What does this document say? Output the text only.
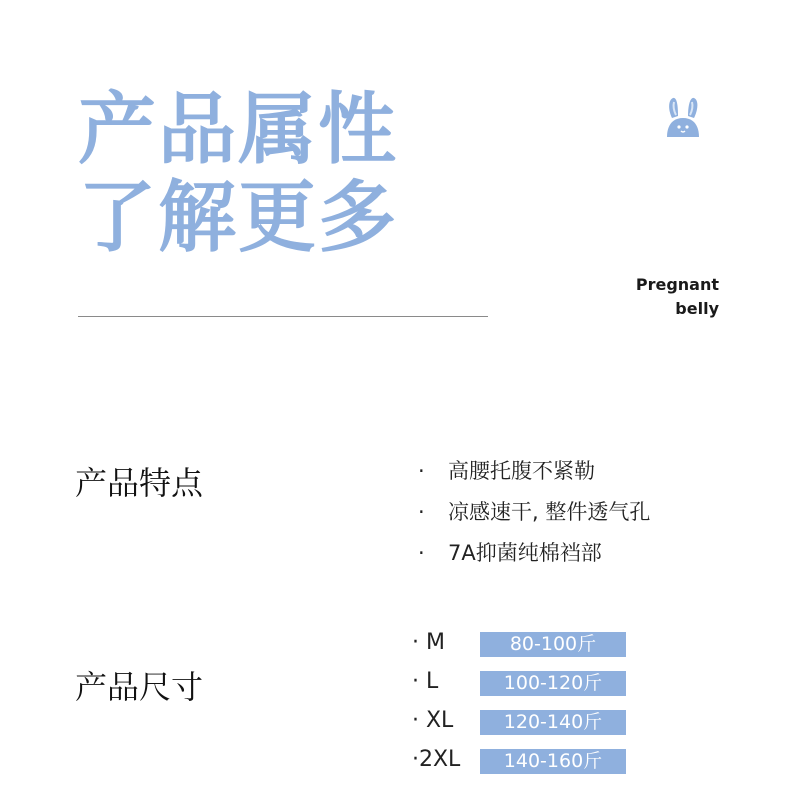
产品属性
了解更多
Pregnant
belly
产品特点	· 高腰托腹不紧勒
· 凉感速干, 整件透气孔
· 7A抑菌纯棉裆部
产品尺寸
· M	80-100斤
· L	100-120斤
· XL	120-140斤
·2XL	140-160斤
